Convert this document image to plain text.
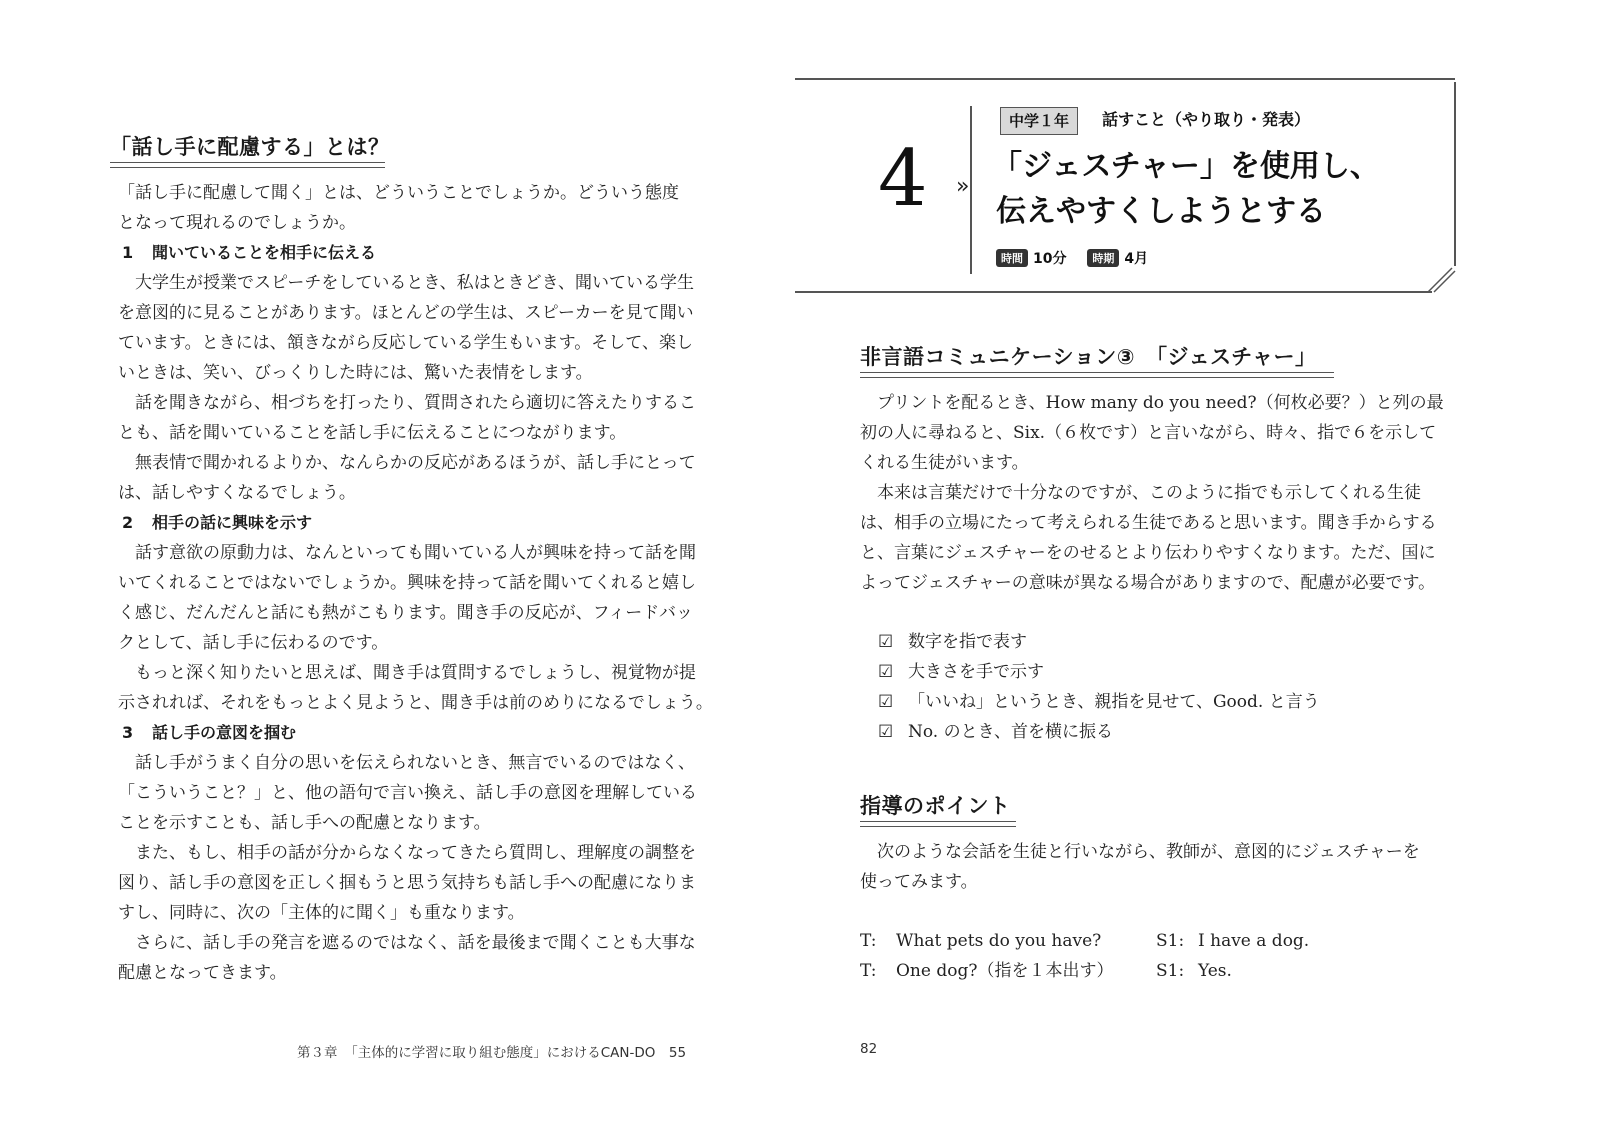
「話し手に配慮する」とは？

「話し手に配慮して聞く」とは、どういうことでしょうか。どういう態度
となって現れるのでしょうか。

1 聞いていることを相手に伝える

　大学生が授業でスピーチをしているとき、私はときどき、聞いている学生
を意図的に見ることがあります。ほとんどの学生は、スピーカーを見て聞い
ています。ときには、頷きながら反応している学生もいます。そして、楽し
いときは、笑い、びっくりした時には、驚いた表情をします。

　話を聞きながら、相づちを打ったり、質問されたら適切に答えたりするこ
とも、話を聞いていることを話し手に伝えることにつながります。

　無表情で聞かれるよりか、なんらかの反応があるほうが、話し手にとって
は、話しやすくなるでしょう。

2 相手の話に興味を示す

　話す意欲の原動力は、なんといっても聞いている人が興味を持って話を聞
いてくれることではないでしょうか。興味を持って話を聞いてくれると嬉し
く感じ、だんだんと話にも熱がこもります。聞き手の反応が、フィードバッ
クとして、話し手に伝わるのです。

　もっと深く知りたいと思えば、聞き手は質問するでしょうし、視覚物が提
示されれば、それをもっとよく見ようと、聞き手は前のめりになるでしょう。

3 話し手の意図を掴む

　話し手がうまく自分の思いを伝えられないとき、無言でいるのではなく、
「こういうこと？」と、他の語句で言い換え、話し手の意図を理解している
ことを示すことも、話し手への配慮となります。

　また、もし、相手の話が分からなくなってきたら質問し、理解度の調整を
図り、話し手の意図を正しく掴もうと思う気持ちも話し手への配慮になりま
すし、同時に、次の「主体的に聞く」も重なります。

　さらに、話し手の発言を遮るのではなく、話を最後まで聞くことも大事な
配慮となってきます。

第３章　「主体的に学習に取り組む態度」におけるCAN-DO　55
4 »
中学１年	話すこと（やり取り・発表）
「ジェスチャー」を使用し、
伝えやすくしようとする
時間 10分 時期 4月
非言語コミュニケーション③　「ジェスチャー」

　プリントを配るとき、How many do you need?（何枚必要？）と列の最
初の人に尋ねると、Six.（６枚です）と言いながら、時々、指で６を示して
くれる生徒がいます。

　本来は言葉だけで十分なのですが、このように指でも示してくれる生徒
は、相手の立場にたって考えられる生徒であると思います。聞き手からする
と、言葉にジェスチャーをのせるとより伝わりやすくなります。ただ、国に
よってジェスチャーの意味が異なる場合がありますので、配慮が必要です。

☑ 数字を指で表す
☑ 大きさを手で示す
☑ 「いいね」というとき、親指を見せて、Good. と言う
☑ No. のとき、首を横に振る
指導のポイント

　次のような会話を生徒と行いながら、教師が、意図的にジェスチャーを
使ってみます。

T: What pets do you have?	S1: I have a dog.
T: One dog?（指を１本出す）	S1: Yes.
82
